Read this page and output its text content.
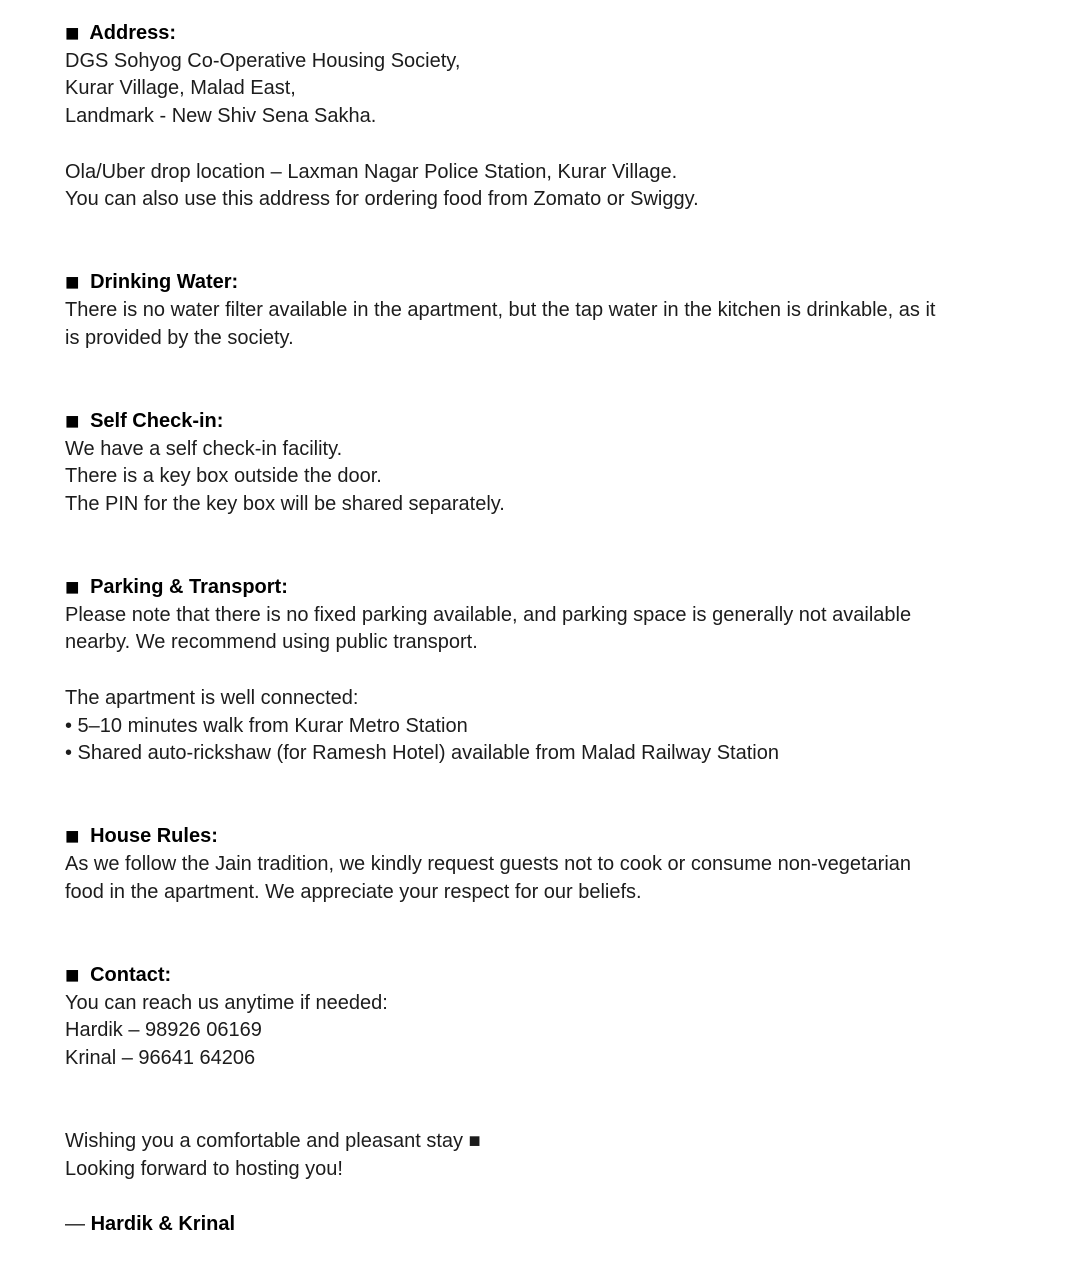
■ Address:
DGS Sohyog Co-Operative Housing Society,
Kurar Village, Malad East,
Landmark - New Shiv Sena Sakha.
Ola/Uber drop location – Laxman Nagar Police Station, Kurar Village.
You can also use this address for ordering food from Zomato or Swiggy.
■ Drinking Water:
There is no water filter available in the apartment, but the tap water in the kitchen is drinkable, as it
is provided by the society.
■ Self Check-in:
We have a self check-in facility.
There is a key box outside the door.
The PIN for the key box will be shared separately.
■ Parking & Transport:
Please note that there is no fixed parking available, and parking space is generally not available
nearby. We recommend using public transport.
The apartment is well connected:
• 5–10 minutes walk from Kurar Metro Station
• Shared auto-rickshaw (for Ramesh Hotel) available from Malad Railway Station
■ House Rules:
As we follow the Jain tradition, we kindly request guests not to cook or consume non-vegetarian
food in the apartment. We appreciate your respect for our beliefs.
■ Contact:
You can reach us anytime if needed:
Hardik – 98926 06169
Krinal – 96641 64206
Wishing you a comfortable and pleasant stay ■
Looking forward to hosting you!
— Hardik & Krinal
